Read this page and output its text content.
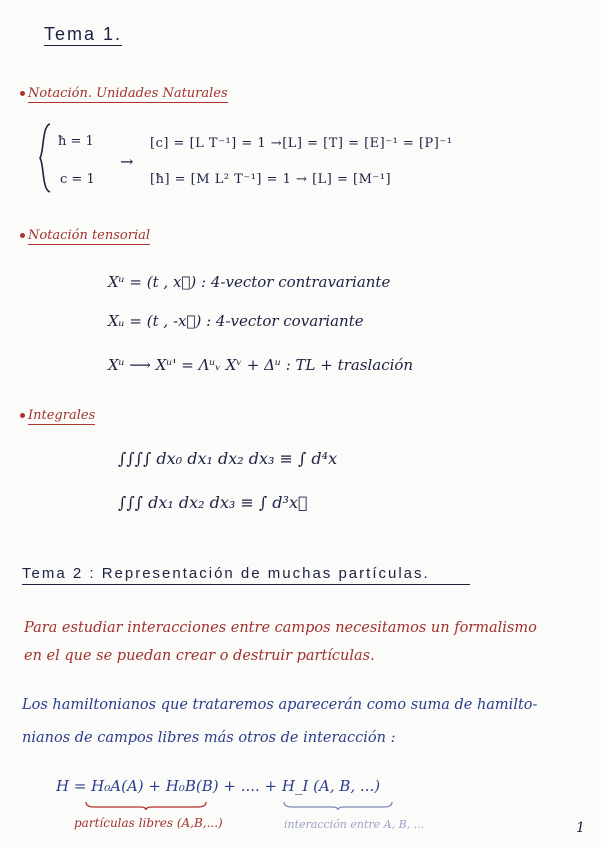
Tema 1.
Notación. Unidades Naturales
ħ = 1
c = 1
→
[c] = [L T⁻¹] = 1 →[L] = [T] = [E]⁻¹ = [P]⁻¹
[ħ] = [M L² T⁻¹] = 1 → [L] = [M⁻¹]
Notación tensorial
Xᵘ = (t , x⃗) : 4-vector contravariante
Xᵤ = (t , -x⃗) : 4-vector covariante
Xᵘ ⟶ Xᵘ' = Λᵘᵥ Xᵛ + Δᵘ : TL + traslación
Integrales
∫∫∫∫ dx₀ dx₁ dx₂ dx₃ ≡ ∫ d⁴x
∫∫∫ dx₁ dx₂ dx₃ ≡ ∫ d³x⃗
Tema 2 : Representación de muchas partículas.
Para estudiar interacciones entre campos necesitamos un formalismo
en el que se puedan crear o destruir partículas.
Los hamiltonianos que trataremos aparecerán como suma de hamilto-
nianos de campos libres más otros de interacción :
H = H₀A(A) + H₀B(B) + .... + H_I (A, B, ...)
partículas libres (A,B,...)	interacción entre A, B, ...	1
